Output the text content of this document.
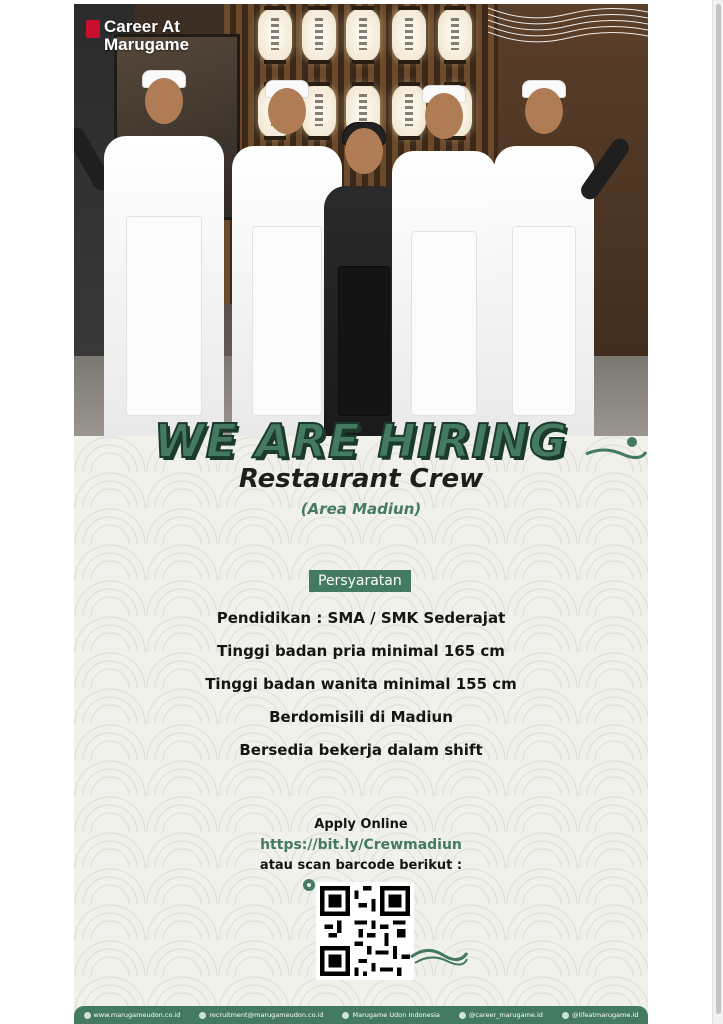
Career At
Marugame
WE ARE HIRING
Restaurant Crew
(Area Madiun)
Persyaratan
Pendidikan : SMA / SMK Sederajat
Tinggi badan pria minimal 165 cm
Tinggi badan wanita minimal 155 cm
Berdomisili di Madiun
Bersedia bekerja dalam shift
Apply Online
https://bit.ly/Crewmadiun
atau scan barcode berikut :
www.marugameudon.co.id	recruitment@marugameudon.co.id	Marugame Udon Indonesia	@career_marugame.id	@lifeatmarugame.id
